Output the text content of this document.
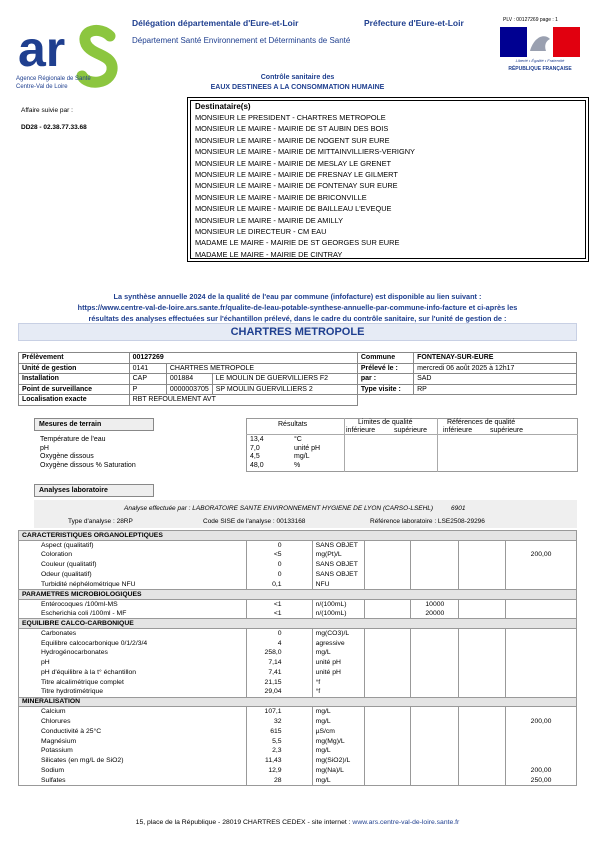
ar
Agence Régionale de Santé
Centre-Val de Loire
Délégation départementale d'Eure-et-Loir	Préfecture d'Eure-et-Loir
Département Santé Environnement et Déterminants de Santé
PLV : 00127269 page : 1
Liberté • Égalité • Fraternité
RÉPUBLIQUE FRANÇAISE
Contrôle sanitaire des
EAUX DESTINEES A LA CONSOMMATION HUMAINE
Affaire suivie par :
DD28 - 02.38.77.33.68
Destinataire(s)
MONSIEUR LE PRESIDENT - CHARTRES METROPOLE
MONSIEUR LE MAIRE - MAIRIE DE ST AUBIN DES BOIS
MONSIEUR LE MAIRE - MAIRIE DE NOGENT SUR EURE
MONSIEUR LE MAIRE - MAIRIE DE MITTAINVILLIERS-VERIGNY
MONSIEUR LE MAIRE - MAIRIE DE MESLAY LE GRENET
MONSIEUR LE MAIRE - MAIRIE DE FRESNAY LE GILMERT
MONSIEUR LE MAIRE - MAIRIE DE FONTENAY SUR EURE
MONSIEUR LE MAIRE - MAIRIE DE BRICONVILLE
MONSIEUR LE MAIRE - MAIRIE DE BAILLEAU L'EVEQUE
MONSIEUR LE MAIRE - MAIRIE DE AMILLY
MONSIEUR LE DIRECTEUR - CM EAU
MADAME LE MAIRE - MAIRIE DE ST GEORGES SUR EURE
MADAME LE MAIRE - MAIRIE DE CINTRAY
La synthèse annuelle 2024 de la qualité de l'eau par commune (infofacture) est disponible au lien suivant :
https://www.centre-val-de-loire.ars.sante.fr/qualite-de-leau-potable-synthese-annuelle-par-commune-info-facture et ci-après les
résultats des analyses effectuées sur l'échantillon prélevé, dans le cadre du contrôle sanitaire, sur l'unité de gestion de :
CHARTRES METROPOLE
Prélèvement	00127269			Commune	FONTENAY-SUR-EURE
Unité de gestion	0141	CHARTRES METROPOLE		Prélevé le :	mercredi 06 août 2025 à 12h17
Installation	CAP	001884	LE MOULIN DE GUERVILLIERS F2	par :	SAD
Point de surveillance	P	0000003705	SP MOULIN GUERVILLIERS 2	Type visite :	RP
Localisation exacte	RBT REFOULEMENT AVT				
Mesures de terrain	Résultats	Limites de qualité
inférieure	supérieure
Références de qualité
inférieure	supérieure
Température de l'eau	13,4	°C
pH	7,0	unité pH
Oxygène dissous	4,5	mg/L
Oxygène dissous % Saturation	48,0	%
Analyses laboratoire
Analyse effectuée par : LABORATOIRE SANTE ENVIRONNEMENT HYGIENE DE LYON (CARSO-LSEHL)	6901
Type d'analyse : 28RP	Code SISE de l'analyse : 00133168	Référence laboratoire : LSE2508-29296
CARACTERISTIQUES ORGANOLEPTIQUES						
Aspect (qualitatif)	0	SANS OBJET				
Coloration	<5	mg(Pt)/L				200,00
Couleur (qualitatif)	0	SANS OBJET				
Odeur (qualitatif)	0	SANS OBJET				
Turbidité néphélométrique NFU	0,1	NFU				
PARAMETRES MICROBIOLOGIQUES						
Entérocoques /100ml-MS	<1	n/(100mL)		10000		
Escherichia coli /100ml - MF	<1	n/(100mL)		20000		
EQUILIBRE CALCO-CARBONIQUE						
Carbonates	0	mg(CO3)/L				
Equilibre calcocarbonique 0/1/2/3/4	4	agressive				
Hydrogénocarbonates	258,0	mg/L				
pH	7,14	unité pH				
pH d'équilibre à la t° échantillon	7,41	unité pH				
Titre alcalimétrique complet	21,15	°f				
Titre hydrotimétrique	29,04	°f				
MINERALISATION						
Calcium	107,1	mg/L				
Chlorures	32	mg/L				200,00
Conductivité à 25°C	615	µS/cm				
Magnésium	5,5	mg(Mg)/L				
Potassium	2,3	mg/L				
Silicates (en mg/L de SiO2)	11,43	mg(SiO2)/L				
Sodium	12,9	mg(Na)/L				200,00
Sulfates	28	mg/L				250,00
15, place de la République - 28019 CHARTRES CEDEX - site internet : www.ars.centre-val-de-loire.sante.fr
